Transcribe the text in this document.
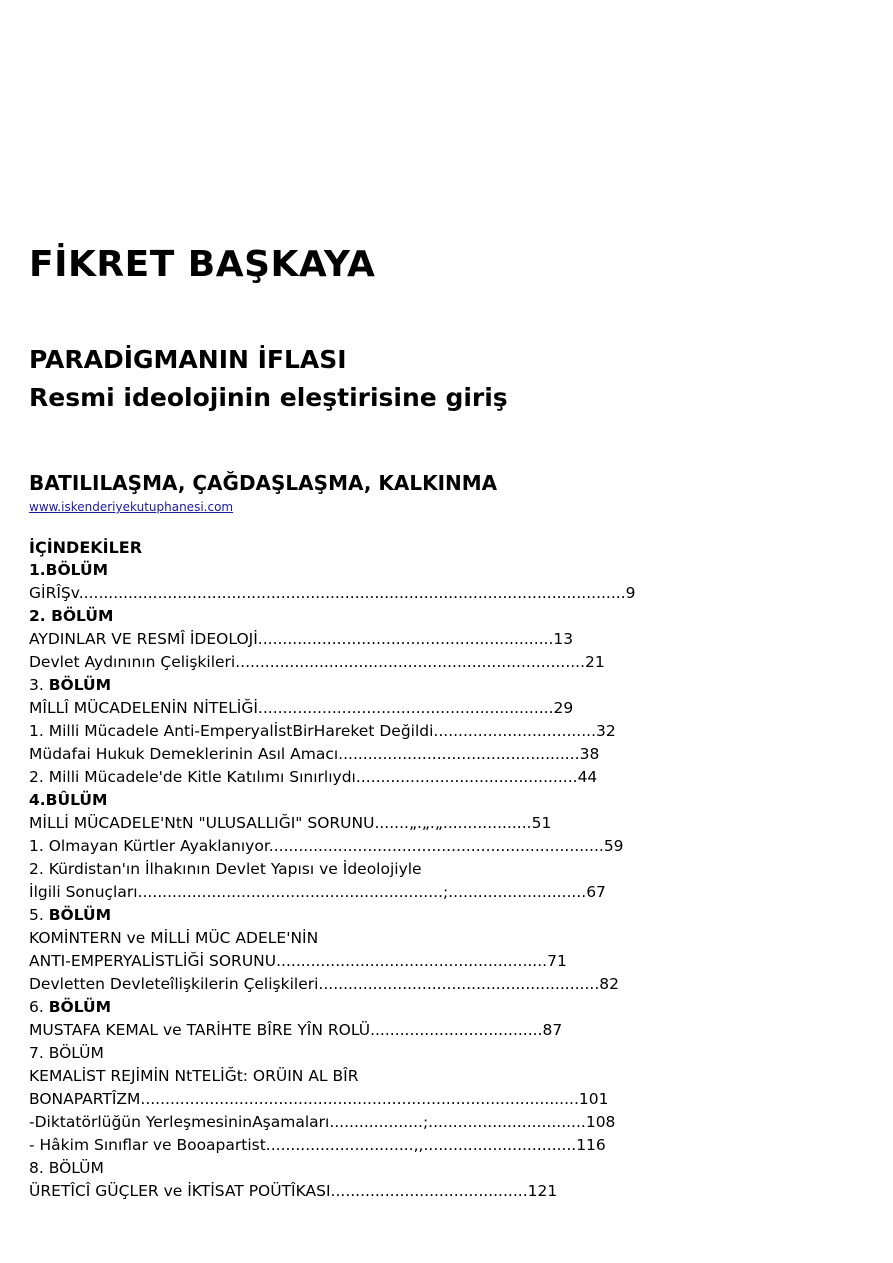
FİKRET BAŞKAYA
PARADİGMANIN İFLASI
Resmi ideolojinin eleştirisine giriş
BATILILAŞMA, ÇAĞDAŞLAŞMA, KALKINMA
www.iskenderiyekutuphanesi.com
İÇİNDEKİLER
1.BÖLÜM
GİRÎŞv...............................................................................................................9
2. BÖLÜM
AYDINLAR VE RESMÎ İDEOLOJİ............................................................13
Devlet Aydınının Çelişkileri.......................................................................21
3. BÖLÜM
MÎLLÎ MÜCADELENİN NİTELİĞİ............................................................29
1. Milli Mücadele Anti-EmperyalİstBirHareket Değildi.................................32
Müdafai Hukuk Demeklerinin Asıl Amacı.................................................38
2. Milli Mücadele'de Kitle Katılımı Sınırlıydı.............................................44
4.BÛLÜM
MİLLİ MÜCADELE'NtN "ULUSALLIĞI" SORUNU.......„.„.„..................51
1. Olmayan Kürtler Ayaklanıyor....................................................................59
2. Kürdistan'ın İlhakının Devlet Yapısı ve İdeolojiyle
İlgili Sonuçları..............................................................;............................67
5. BÖLÜM
KOMİNTERN ve MİLLİ MÜC ADELE'NİN
ANTI-EMPERYALİSTLİĞİ SORUNU.......................................................71
Devletten Devleteîlişkilerin Çelişkileri.........................................................82
6. BÖLÜM
MUSTAFA KEMAL ve TARİHTE BÎRE YÎN ROLÜ...................................87
7. BÖLÜM
KEMALİST REJİMİN NtTELİĞt: ORÜIN AL BÎR
BONAPARTÎZM.........................................................................................101
-Diktatörlüğün YerleşmesininAşamaları...................;................................108
- Hâkim Sınıflar ve Booapartist..............................,,...............................116
8. BÖLÜM
ÜRETÎCÎ GÜÇLER ve İKTİSAT POÜTÎKASI........................................121
